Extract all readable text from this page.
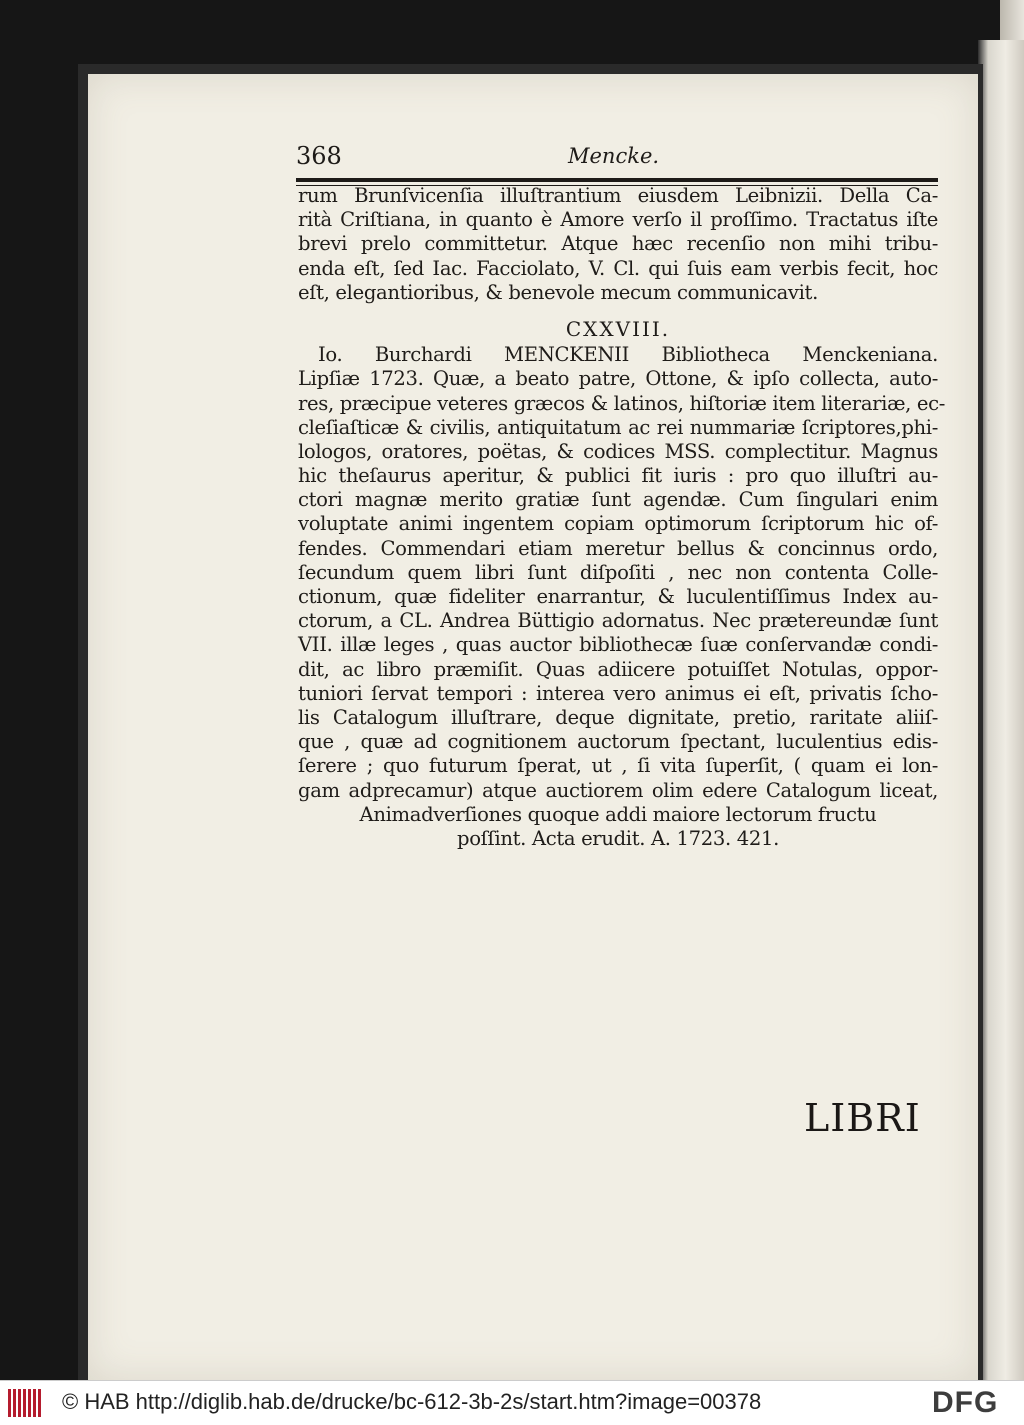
368	Mencke.
rum Brunſvicenſia illuſtrantium eiusdem Leibnizii. Della Ca-
rità Criſtiana, in quanto è Amore verſo il proſſimo. Tractatus iſte
brevi prelo committetur. Atque hæc recenſio non mihi tribu-
enda eſt, ſed Iac. Facciolato, V. Cl. qui ſuis eam verbis fecit, hoc
eſt, elegantioribus, & benevole mecum communicavit.
CXXVIII.
Io. Burchardi MENCKENII Bibliotheca Menckeniana.
Lipſiæ 1723. Quæ, a beato patre, Ottone, & ipſo collecta, auto-
res, præcipue veteres græcos & latinos, hiſtoriæ item literariæ, ec-
cleſiaſticæ & civilis, antiquitatum ac rei nummariæ ſcriptores,phi-
lologos, oratores, poëtas, & codices MSS. complectitur. Magnus
hic theſaurus aperitur, & publici fit iuris : pro quo illuſtri au-
ctori magnæ merito gratiæ ſunt agendæ. Cum ſingulari enim
voluptate animi ingentem copiam optimorum ſcriptorum hic of-
fendes. Commendari etiam meretur bellus & concinnus ordo,
ſecundum quem libri ſunt diſpoſiti , nec non contenta Colle-
ctionum, quæ fideliter enarrantur, & luculentiſſimus Index au-
ctorum, a CL. Andrea Büttigio adornatus. Nec prætereundæ ſunt
VII. illæ leges , quas auctor bibliothecæ ſuæ conſervandæ condi-
dit, ac libro præmiſit. Quas adiicere potuiſſet Notulas, oppor-
tuniori ſervat tempori : interea vero animus ei eſt, privatis ſcho-
lis Catalogum illuſtrare, deque dignitate, pretio, raritate aliiſ-
que , quæ ad cognitionem auctorum ſpectant, luculentius edis-
ſerere ; quo futurum ſperat, ut , ſi vita ſuperſit, ( quam ei lon-
gam adprecamur) atque auctiorem olim edere Catalogum liceat,
Animadverſiones quoque addi maiore lectorum fructu
poſſint. Acta erudit. A. 1723. 421.
LIBRI
© HAB http://diglib.hab.de/drucke/bc-612-3b-2s/start.htm?image=00378	DFG
